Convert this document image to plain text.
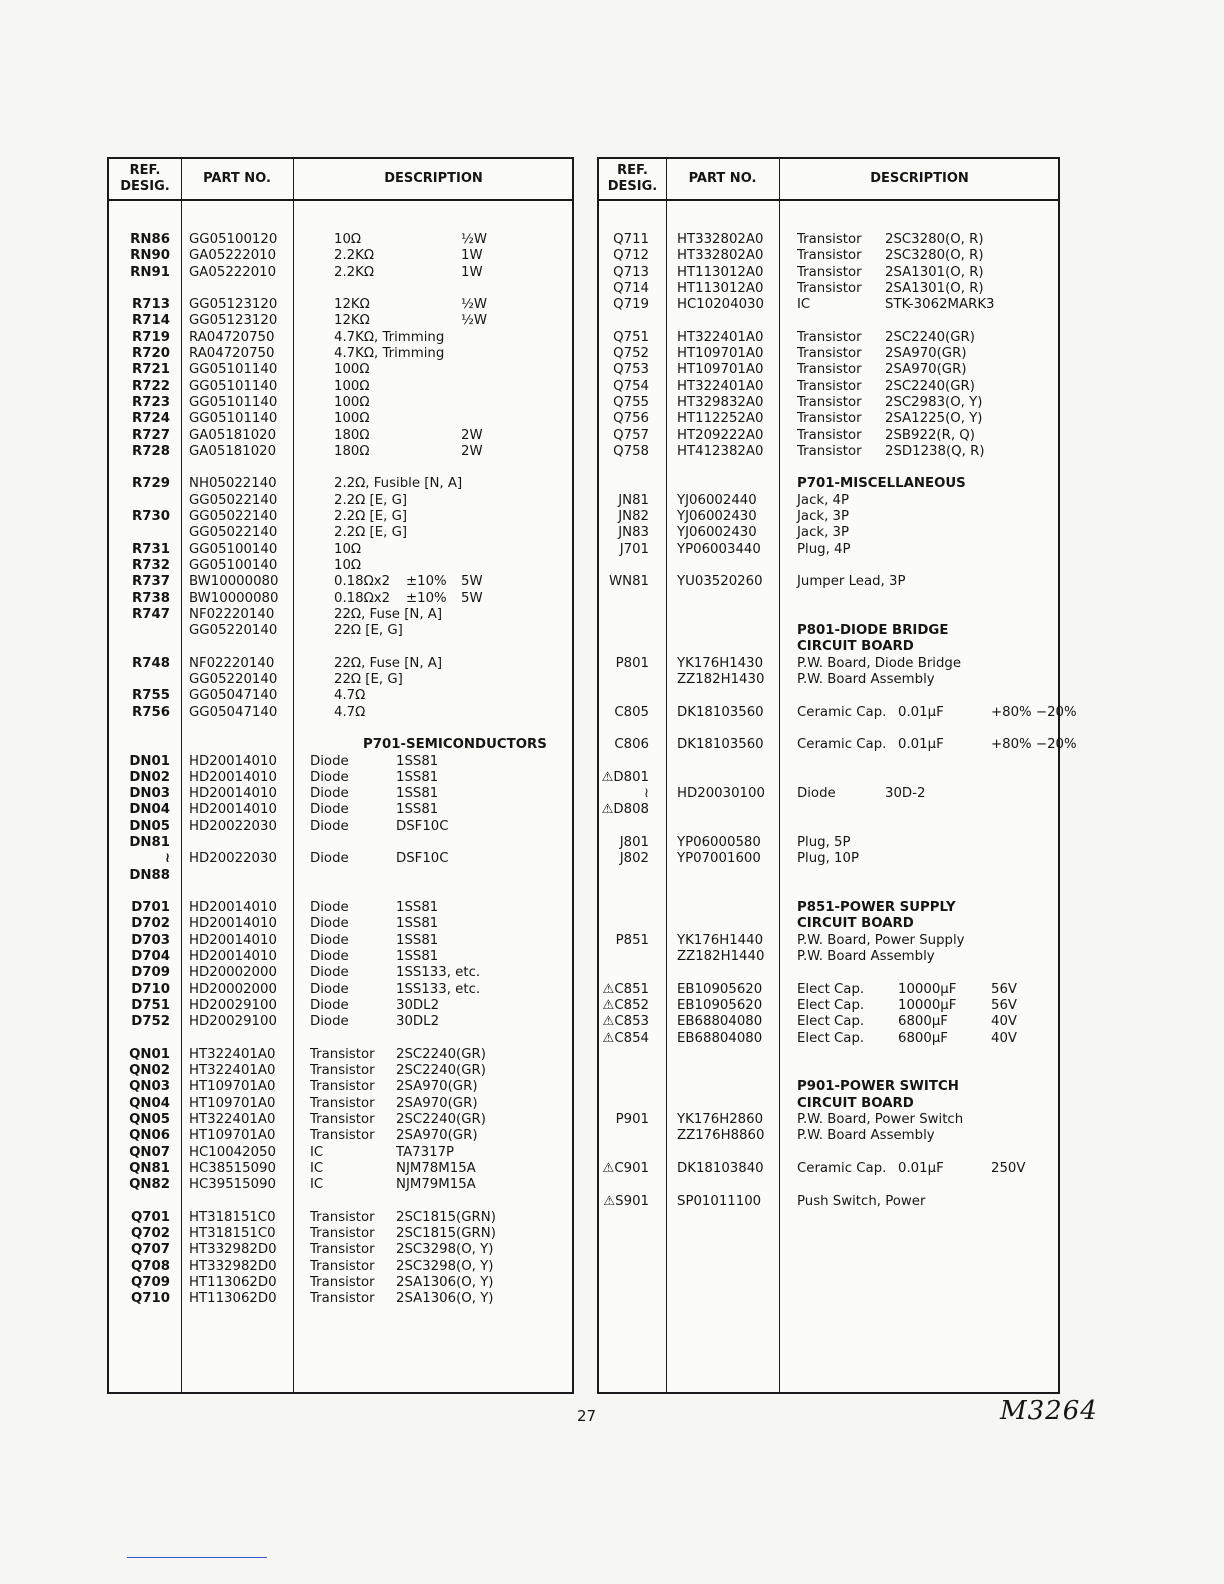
REF. DESIG.
PART NO.	DESCRIPTION
RN86 GG05100120	10Ω	½W
RN90 GA05222010	2.2KΩ	1W
RN91 GA05222010	2.2KΩ	1W
R713 GG05123120	12KΩ	½W
R714 GG05123120	12KΩ	½W
R719 RA04720750	4.7KΩ, Trimming
R720 RA04720750	4.7KΩ, Trimming
R721 GG05101140	100Ω
R722 GG05101140	100Ω
R723 GG05101140	100Ω
R724 GG05101140	100Ω
R727 GA05181020	180Ω	2W
R728 GA05181020	180Ω	2W
R729 NH05022140	2.2Ω, Fusible [N, A]
GG05022140	2.2Ω [E, G]
R730 GG05022140	2.2Ω [E, G]
GG05022140	2.2Ω [E, G]
R731 GG05100140	10Ω
R732 GG05100140	10Ω
R737 BW10000080	0.18Ωx2 ±10% 5W
R738 BW10000080	0.18Ωx2 ±10% 5W
R747 NF02220140	22Ω, Fuse [N, A]
GG05220140	22Ω [E, G]
R748 NF02220140	22Ω, Fuse [N, A]
GG05220140	22Ω [E, G]
R755 GG05047140	4.7Ω
R756 GG05047140	4.7Ω
P701-SEMICONDUCTORS
DN01 HD20014010 Diode	1SS81
DN02 HD20014010 Diode	1SS81
DN03 HD20014010 Diode	1SS81
DN04 HD20014010 Diode	1SS81
DN05 HD20022030 Diode	DSF10C
DN81
≀ HD20022030 Diode	DSF10C
DN88
D701 HD20014010 Diode	1SS81
D702 HD20014010 Diode	1SS81
D703 HD20014010 Diode	1SS81
D704 HD20014010 Diode	1SS81
D709 HD20002000 Diode	1SS133, etc.
D710 HD20002000 Diode	1SS133, etc.
D751 HD20029100 Diode	30DL2
D752 HD20029100 Diode	30DL2
QN01 HT322401A0	Transistor 2SC2240(GR)
QN02 HT322401A0	Transistor 2SC2240(GR)
QN03 HT109701A0	Transistor 2SA970(GR)
QN04 HT109701A0	Transistor 2SA970(GR)
QN05 HT322401A0	Transistor 2SC2240(GR)
QN06 HT109701A0	Transistor 2SA970(GR)
QN07 HC10042050	IC	TA7317P
QN81 HC38515090	IC	NJM78M15A
QN82 HC39515090	IC	NJM79M15A
Q701 HT318151C0	Transistor 2SC1815(GRN)
Q702 HT318151C0	Transistor 2SC1815(GRN)
Q707 HT332982D0	Transistor 2SC3298(O, Y)
Q708 HT332982D0	Transistor 2SC3298(O, Y)
Q709 HT113062D0	Transistor 2SA1306(O, Y)
Q710 HT113062D0	Transistor 2SA1306(O, Y)
REF. DESIG.
PART NO.	DESCRIPTION
Q711 HT332802A0	Transistor 2SC3280(O, R)
Q712 HT332802A0	Transistor 2SC3280(O, R)
Q713 HT113012A0	Transistor 2SA1301(O, R)
Q714 HT113012A0	Transistor 2SA1301(O, R)
Q719 HC10204030 IC	STK-3062MARK3
Q751 HT322401A0	Transistor 2SC2240(GR)
Q752 HT109701A0	Transistor 2SA970(GR)
Q753 HT109701A0	Transistor 2SA970(GR)
Q754 HT322401A0	Transistor 2SC2240(GR)
Q755 HT329832A0	Transistor 2SC2983(O, Y)
Q756 HT112252A0	Transistor 2SA1225(O, Y)
Q757 HT209222A0	Transistor 2SB922(R, Q)
Q758 HT412382A0	Transistor 2SD1238(Q, R)
P701-MISCELLANEOUS
JN81 YJ06002440	Jack, 4P
JN82 YJ06002430	Jack, 3P
JN83 YJ06002430	Jack, 3P
J701 YP06003440	Plug, 4P
WN81 YU03520260	Jumper Lead, 3P
P801-DIODE BRIDGE
CIRCUIT BOARD
P801 YK176H1430	P.W. Board, Diode Bridge
ZZ182H1430 P.W. Board Assembly
C805 DK18103560	Ceramic Cap. 0.01µF	+80% −20%
C806 DK18103560	Ceramic Cap. 0.01µF	+80% −20%
⚠D801
≀ HD20030100 Diode	30D-2
⚠D808
J801 YP06000580	Plug, 5P
J802 YP07001600	Plug, 10P
P851-POWER SUPPLY
CIRCUIT BOARD
P851 YK176H1440	P.W. Board, Power Supply
ZZ182H1440 P.W. Board Assembly
⚠C851 EB10905620	Elect Cap.	10000µF	56V
⚠C852 EB10905620	Elect Cap.	10000µF	56V
⚠C853 EB68804080	Elect Cap.	6800µF	40V
⚠C854 EB68804080	Elect Cap.	6800µF	40V
P901-POWER SWITCH
CIRCUIT BOARD
P901 YK176H2860	P.W. Board, Power Switch
ZZ176H8860 P.W. Board Assembly
⚠C901 DK18103840	Ceramic Cap. 0.01µF	250V
⚠S901 SP01011100	Push Switch, Power
27	M3264
